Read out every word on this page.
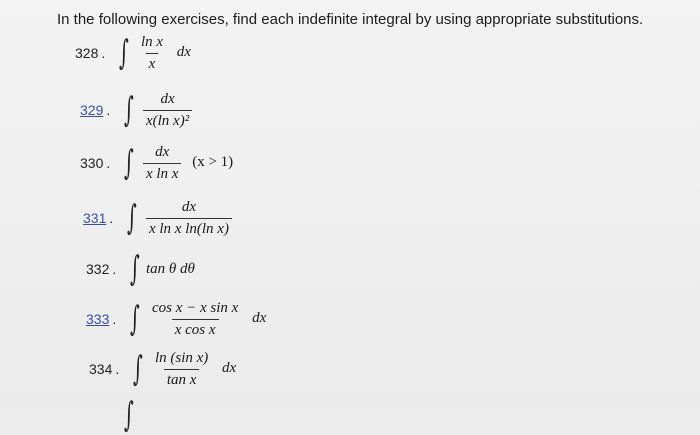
In the following exercises, find each indefinite integral by using appropriate substitutions.
328 . ∫ $\frac{\text{ln x}}{x}$ dx
329 . ∫ $\frac{dx}{\text{x(ln x)²}}$
330 . ∫ $\frac{dx}{\text{x ln x}} (x > 1)$
331 . ∫ $\frac{dx}{\text{x ln x ln(ln x)}}$
332 . ∫ tan θ dθ
333 . ∫ $\frac{\text{cos x − x sin x}}{\text{x cos x}}$ dx
334 . ∫ $\frac{\text{ln (sin x)}}{\text{tan x}}$ dx
∫
